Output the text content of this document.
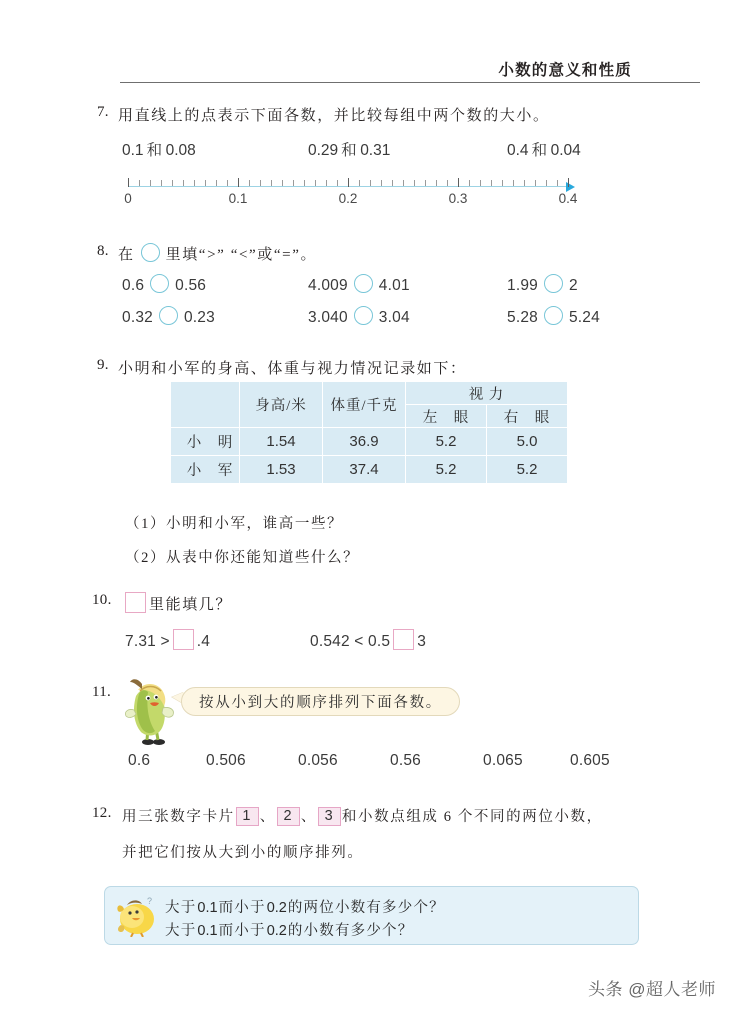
小数的意义和性质
7. 用直线上的点表示下面各数，并比较每组中两个数的大小。
0.1 和 0.08	0.29 和 0.31	0.4 和 0.04
0	0.1	0.2	0.3	0.4
8. 在 里填“>” “<”或“=”。
0.6 0.56	4.009 4.01	1.99 2
0.32 0.23	3.040 3.04	5.28 5.24
9. 小明和小军的身高、体重与视力情况记录如下：
	身高/米	体重/千克	视 力	
			左　眼	右　眼
小　明	1.54	36.9	5.2	5.0
小　军	1.53	37.4	5.2	5.2
（1）小明和小军，谁高一些？
（2）从表中你还能知道些什么？
10.	里能填几？
7.31 > .4	0.542 < 0.5 3
11.
按从小到大的顺序排列下面各数。
0.6	0.506	0.056	0.56	0.065	0.605
12. 用三张数字卡片 1 、 2 、 3 和小数点组成 6 个不同的两位小数，
并把它们按从大到小的顺序排列。
? 大于0.1而小于0.2的两位小数有多少个？
大于0.1而小于0.2的小数有多少个？
头条 @超人老师
